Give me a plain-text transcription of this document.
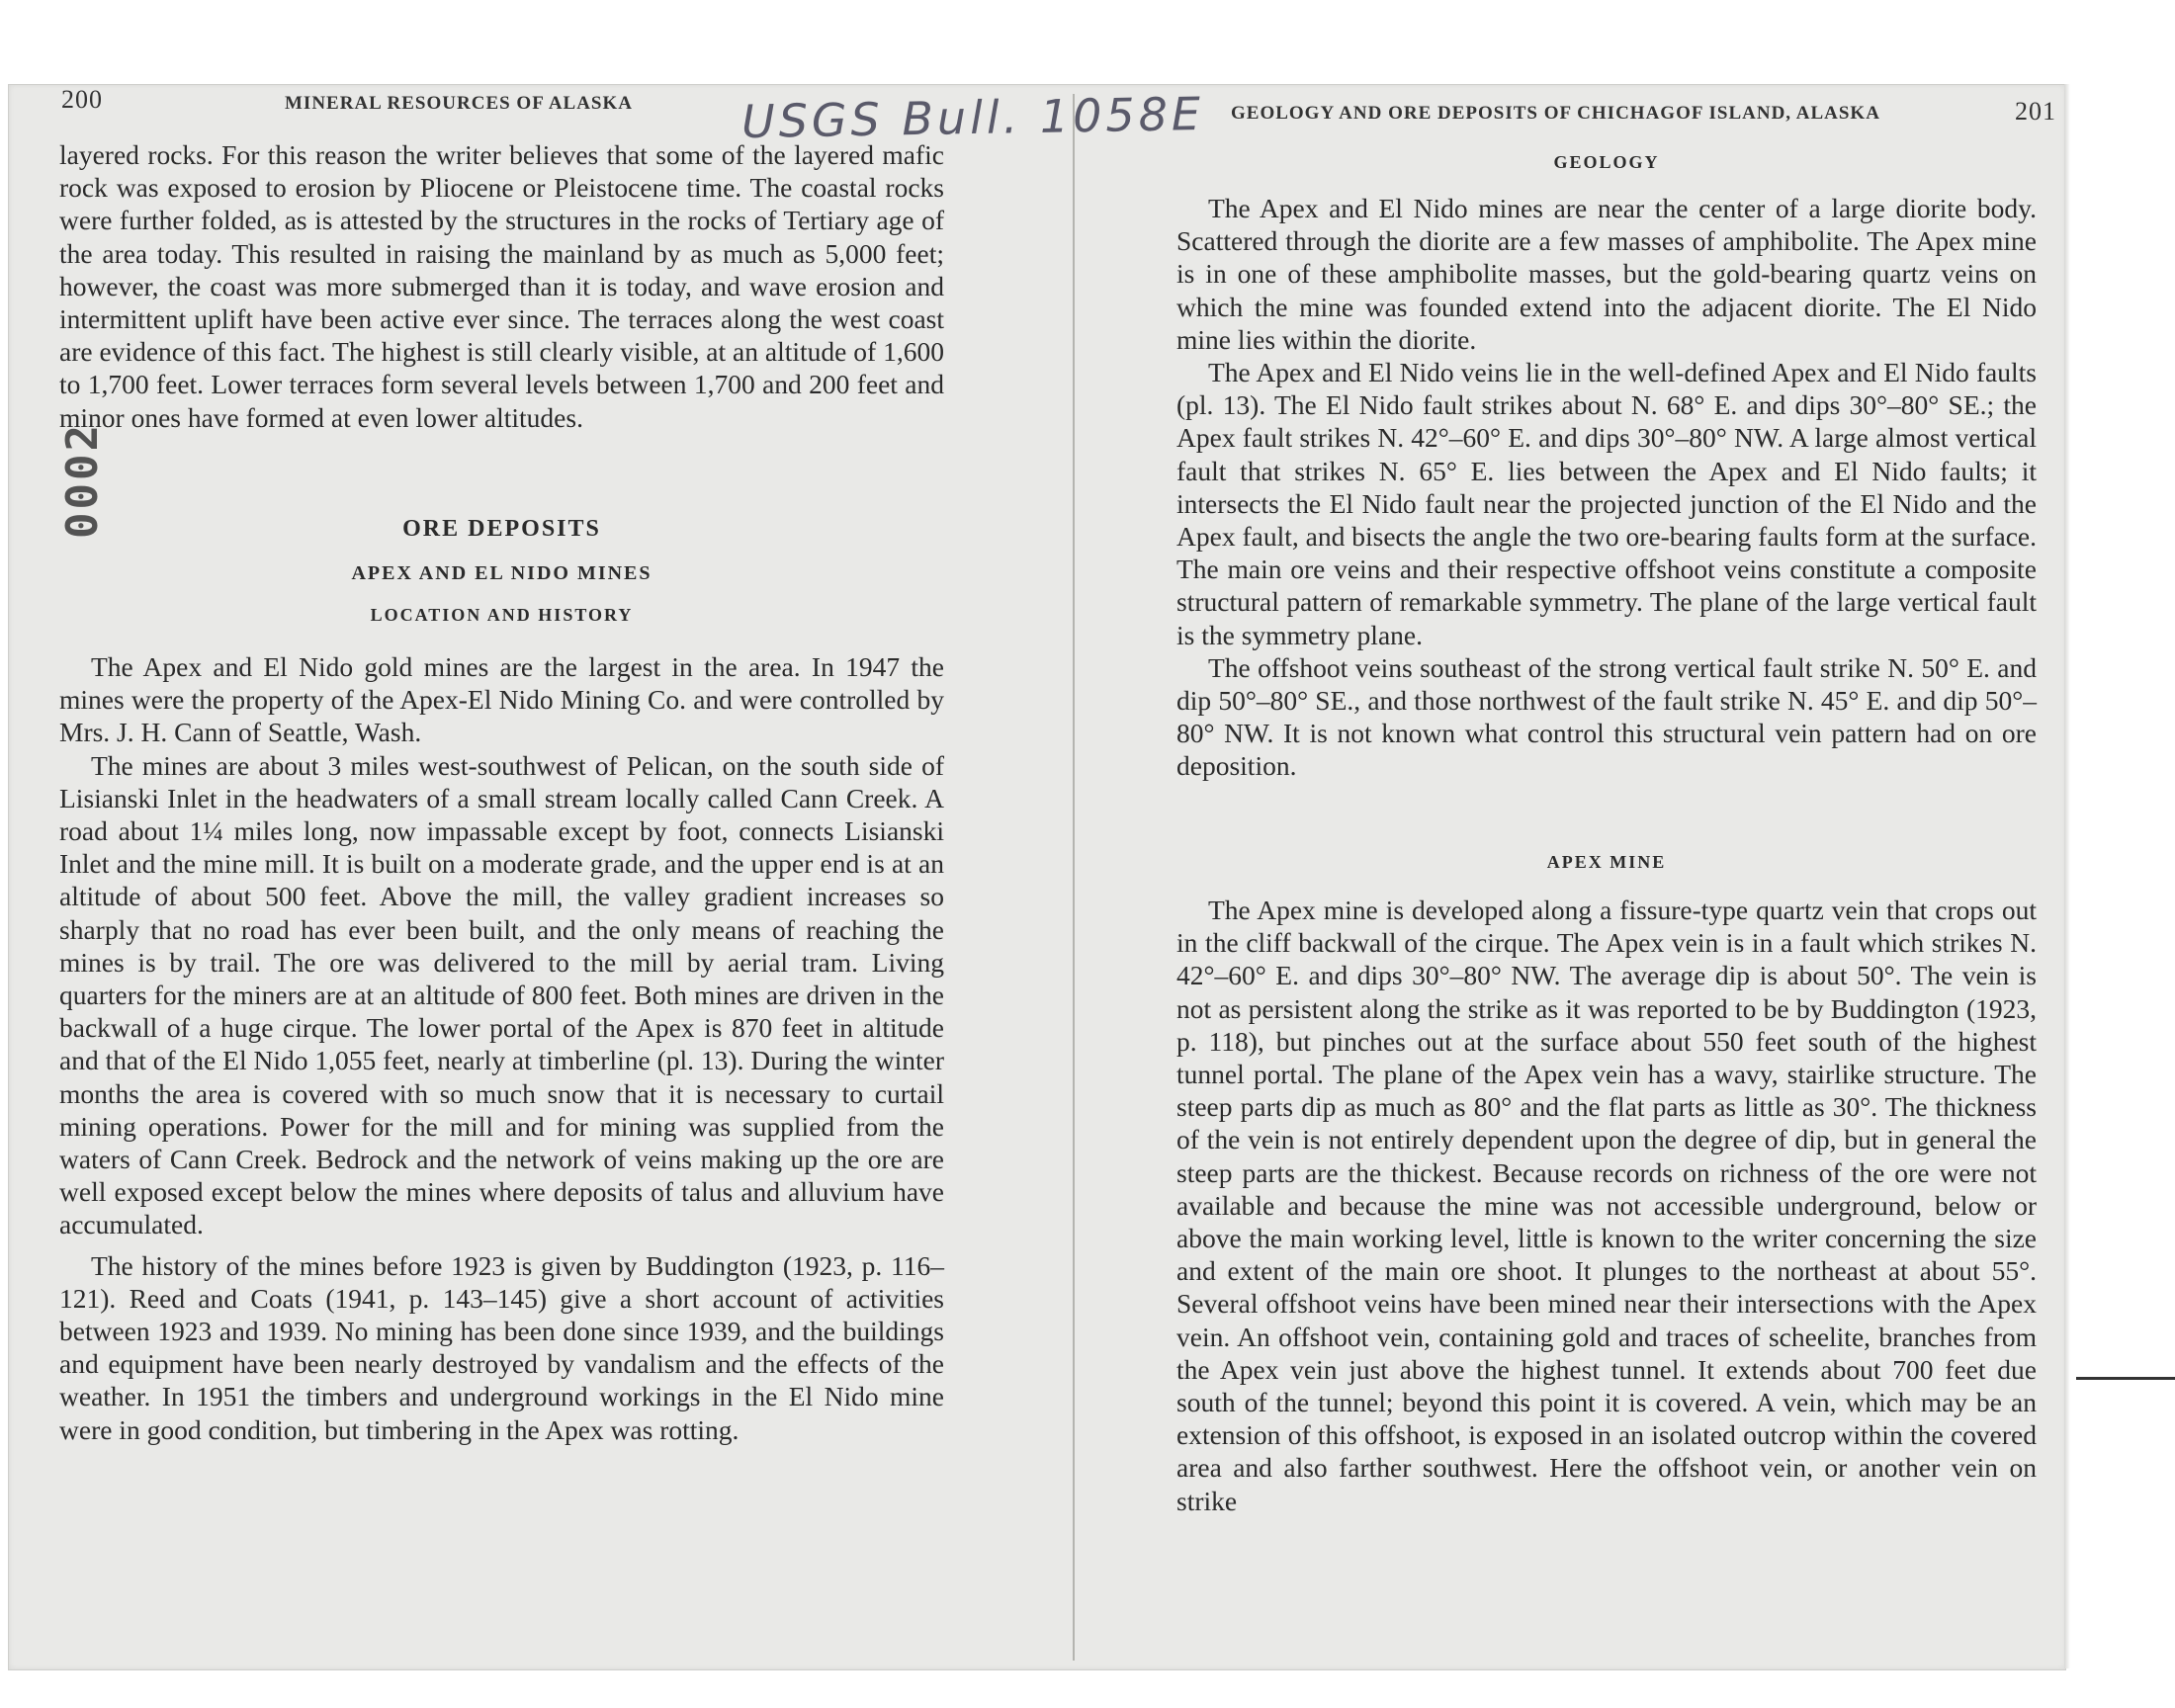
USGS Bull. 1058E
0002
200	MINERAL RESOURCES OF ALASKA

layered rocks. For this reason the writer believes that some of the layered mafic rock was exposed to erosion by Pliocene or Pleistocene time. The coastal rocks were further folded, as is attested by the structures in the rocks of Tertiary age of the area today. This resulted in raising the mainland by as much as 5,000 feet; however, the coast was more submerged than it is today, and wave erosion and intermittent uplift have been active ever since. The terraces along the west coast are evidence of this fact. The highest is still clearly visible, at an altitude of 1,600 to 1,700 feet. Lower terraces form several levels between 1,700 and 200 feet and minor ones have formed at even lower altitudes.

ORE DEPOSITS

APEX AND EL NIDO MINES

LOCATION AND HISTORY

The Apex and El Nido gold mines are the largest in the area. In 1947 the mines were the property of the Apex-El Nido Mining Co. and were controlled by Mrs. J. H. Cann of Seattle, Wash.

The mines are about 3 miles west-southwest of Pelican, on the south side of Lisianski Inlet in the headwaters of a small stream locally called Cann Creek. A road about 1¼ miles long, now impassable except by foot, connects Lisianski Inlet and the mine mill. It is built on a moderate grade, and the upper end is at an altitude of about 500 feet. Above the mill, the valley gradient increases so sharply that no road has ever been built, and the only means of reaching the mines is by trail. The ore was delivered to the mill by aerial tram. Living quarters for the miners are at an altitude of 800 feet. Both mines are driven in the backwall of a huge cirque. The lower portal of the Apex is 870 feet in altitude and that of the El Nido 1,055 feet, nearly at timberline (pl. 13). During the winter months the area is covered with so much snow that it is necessary to curtail mining operations. Power for the mill and for mining was supplied from the waters of Cann Creek. Bedrock and the network of veins making up the ore are well exposed except below the mines where deposits of talus and alluvium have accumulated.

The history of the mines before 1923 is given by Buddington (1923, p. 116–121). Reed and Coats (1941, p. 143–145) give a short account of activities between 1923 and 1939. No mining has been done since 1939, and the buildings and equipment have been nearly destroyed by vandalism and the effects of the weather. In 1951 the timbers and underground workings in the El Nido mine were in good condition, but timbering in the Apex was rotting.

GEOLOGY AND ORE DEPOSITS OF CHICHAGOF ISLAND, ALASKA	201

GEOLOGY

The Apex and El Nido mines are near the center of a large diorite body. Scattered through the diorite are a few masses of amphibolite. The Apex mine is in one of these amphibolite masses, but the gold-bearing quartz veins on which the mine was founded extend into the adjacent diorite. The El Nido mine lies within the diorite.

The Apex and El Nido veins lie in the well-defined Apex and El Nido faults (pl. 13). The El Nido fault strikes about N. 68° E. and dips 30°–80° SE.; the Apex fault strikes N. 42°–60° E. and dips 30°–80° NW. A large almost vertical fault that strikes N. 65° E. lies between the Apex and El Nido faults; it intersects the El Nido fault near the projected junction of the El Nido and the Apex fault, and bisects the angle the two ore-bearing faults form at the surface. The main ore veins and their respective offshoot veins constitute a composite structural pattern of remarkable symmetry. The plane of the large vertical fault is the symmetry plane.

The offshoot veins southeast of the strong vertical fault strike N. 50° E. and dip 50°–80° SE., and those northwest of the fault strike N. 45° E. and dip 50°–80° NW. It is not known what control this structural vein pattern had on ore deposition.

APEX MINE

The Apex mine is developed along a fissure-type quartz vein that crops out in the cliff backwall of the cirque. The Apex vein is in a fault which strikes N. 42°–60° E. and dips 30°–80° NW. The average dip is about 50°. The vein is not as persistent along the strike as it was reported to be by Buddington (1923, p. 118), but pinches out at the surface about 550 feet south of the highest tunnel portal. The plane of the Apex vein has a wavy, stairlike structure. The steep parts dip as much as 80° and the flat parts as little as 30°. The thickness of the vein is not entirely dependent upon the degree of dip, but in general the steep parts are the thickest. Because records on richness of the ore were not available and because the mine was not accessible underground, below or above the main working level, little is known to the writer concerning the size and extent of the main ore shoot. It plunges to the northeast at about 55°. Several offshoot veins have been mined near their intersections with the Apex vein. An offshoot vein, containing gold and traces of scheelite, branches from the Apex vein just above the highest tunnel. It extends about 700 feet due south of the tunnel; beyond this point it is covered. A vein, which may be an extension of this offshoot, is exposed in an isolated outcrop within the covered area and also farther southwest. Here the offshoot vein, or another vein on strike
